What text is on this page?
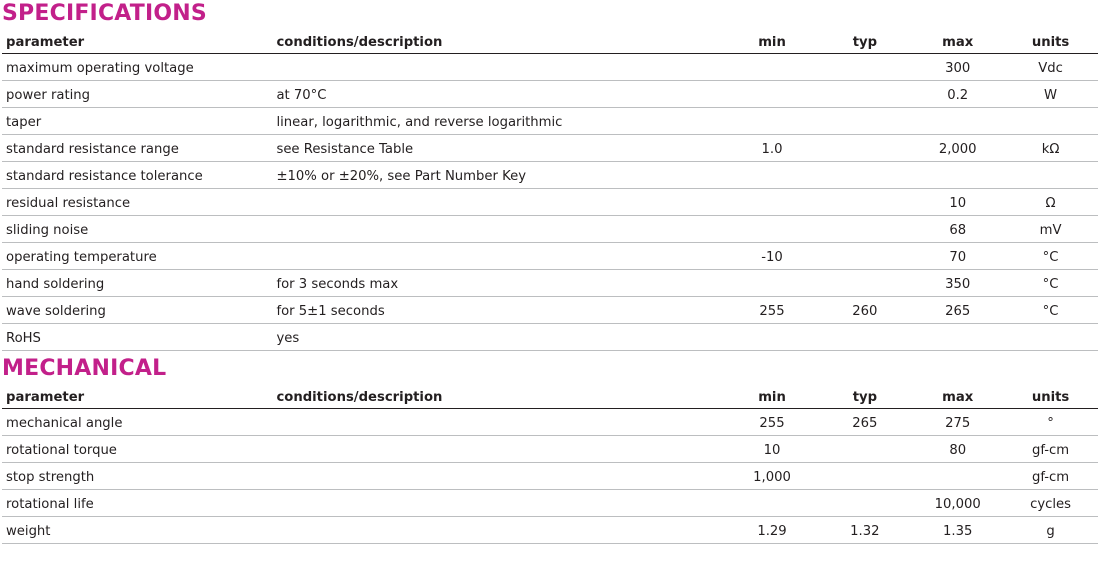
SPECIFICATIONS
parameter	conditions/description	min	typ	max	units
maximum operating voltage				300	Vdc
power rating	at 70°C			0.2	W
taper	linear, logarithmic, and reverse logarithmic				
standard resistance range	see Resistance Table	1.0		2,000	kΩ
standard resistance tolerance	±10% or ±20%, see Part Number Key				
residual resistance				10	Ω
sliding noise				68	mV
operating temperature		-10		70	°C
hand soldering	for 3 seconds max			350	°C
wave soldering	for 5±1 seconds	255	260	265	°C
RoHS	yes				
MECHANICAL
parameter	conditions/description	min	typ	max	units
mechanical angle		255	265	275	°
rotational torque		10		80	gf-cm
stop strength		1,000			gf-cm
rotational life				10,000	cycles
weight		1.29	1.32	1.35	g
